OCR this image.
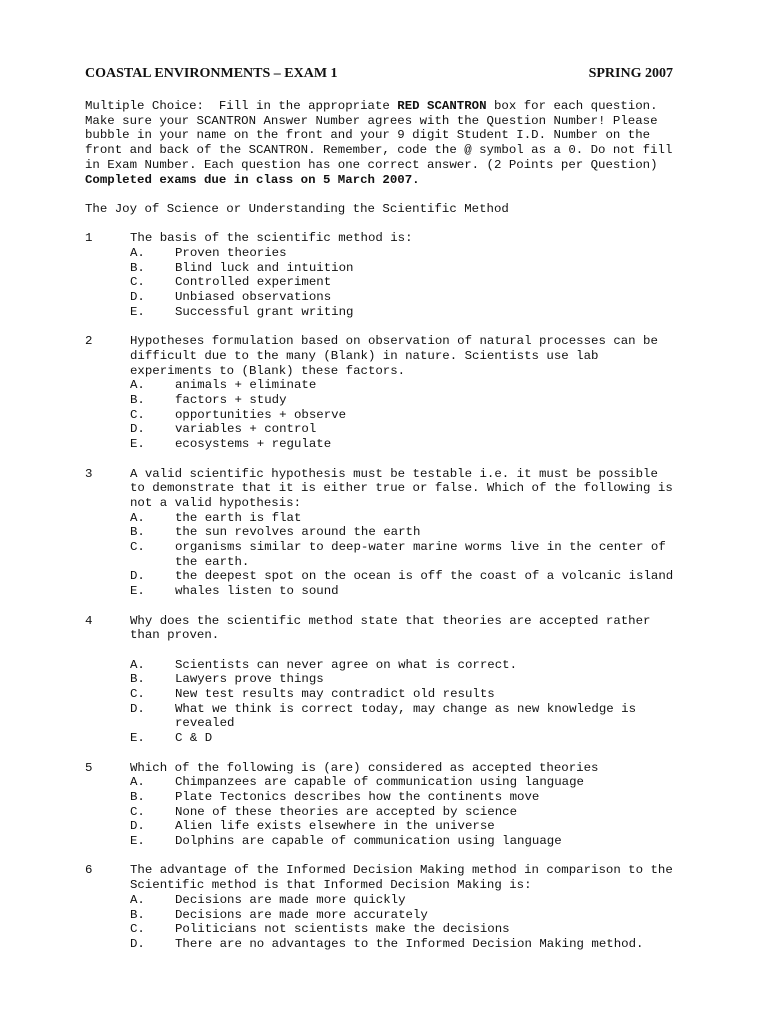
COASTAL ENVIRONMENTS – EXAM 1	SPRING 2007
Multiple Choice:  Fill in the appropriate RED SCANTRON box for each question.
Make sure your SCANTRON Answer Number agrees with the Question Number! Please
bubble in your name on the front and your 9 digit Student I.D. Number on the
front and back of the SCANTRON. Remember, code the @ symbol as a 0. Do not fill
in Exam Number. Each question has one correct answer. (2 Points per Question)
Completed exams due in class on 5 March 2007.
The Joy of Science or Understanding the Scientific Method
1	The basis of the scientific method is:
A. Proven theories
B. Blind luck and intuition
C. Controlled experiment
D. Unbiased observations
E. Successful grant writing
2	Hypotheses formulation based on observation of natural processes can be
difficult due to the many (Blank) in nature. Scientists use lab
experiments to (Blank) these factors.
A. animals + eliminate
B. factors + study
C. opportunities + observe
D. variables + control
E. ecosystems + regulate
3	A valid scientific hypothesis must be testable i.e. it must be possible
to demonstrate that it is either true or false. Which of the following is
not a valid hypothesis:
A. the earth is flat
B. the sun revolves around the earth
C. organisms similar to deep-water marine worms live in the center of
the earth.
D. the deepest spot on the ocean is off the coast of a volcanic island
E. whales listen to sound
4	Why does the scientific method state that theories are accepted rather
than proven.
A. Scientists can never agree on what is correct.
B. Lawyers prove things
C. New test results may contradict old results
D. What we think is correct today, may change as new knowledge is
revealed
E. C & D
5	Which of the following is (are) considered as accepted theories
A. Chimpanzees are capable of communication using language
B. Plate Tectonics describes how the continents move
C. None of these theories are accepted by science
D. Alien life exists elsewhere in the universe
E. Dolphins are capable of communication using language
6	The advantage of the Informed Decision Making method in comparison to the
Scientific method is that Informed Decision Making is:
A. Decisions are made more quickly
B. Decisions are made more accurately
C. Politicians not scientists make the decisions
D. There are no advantages to the Informed Decision Making method.
